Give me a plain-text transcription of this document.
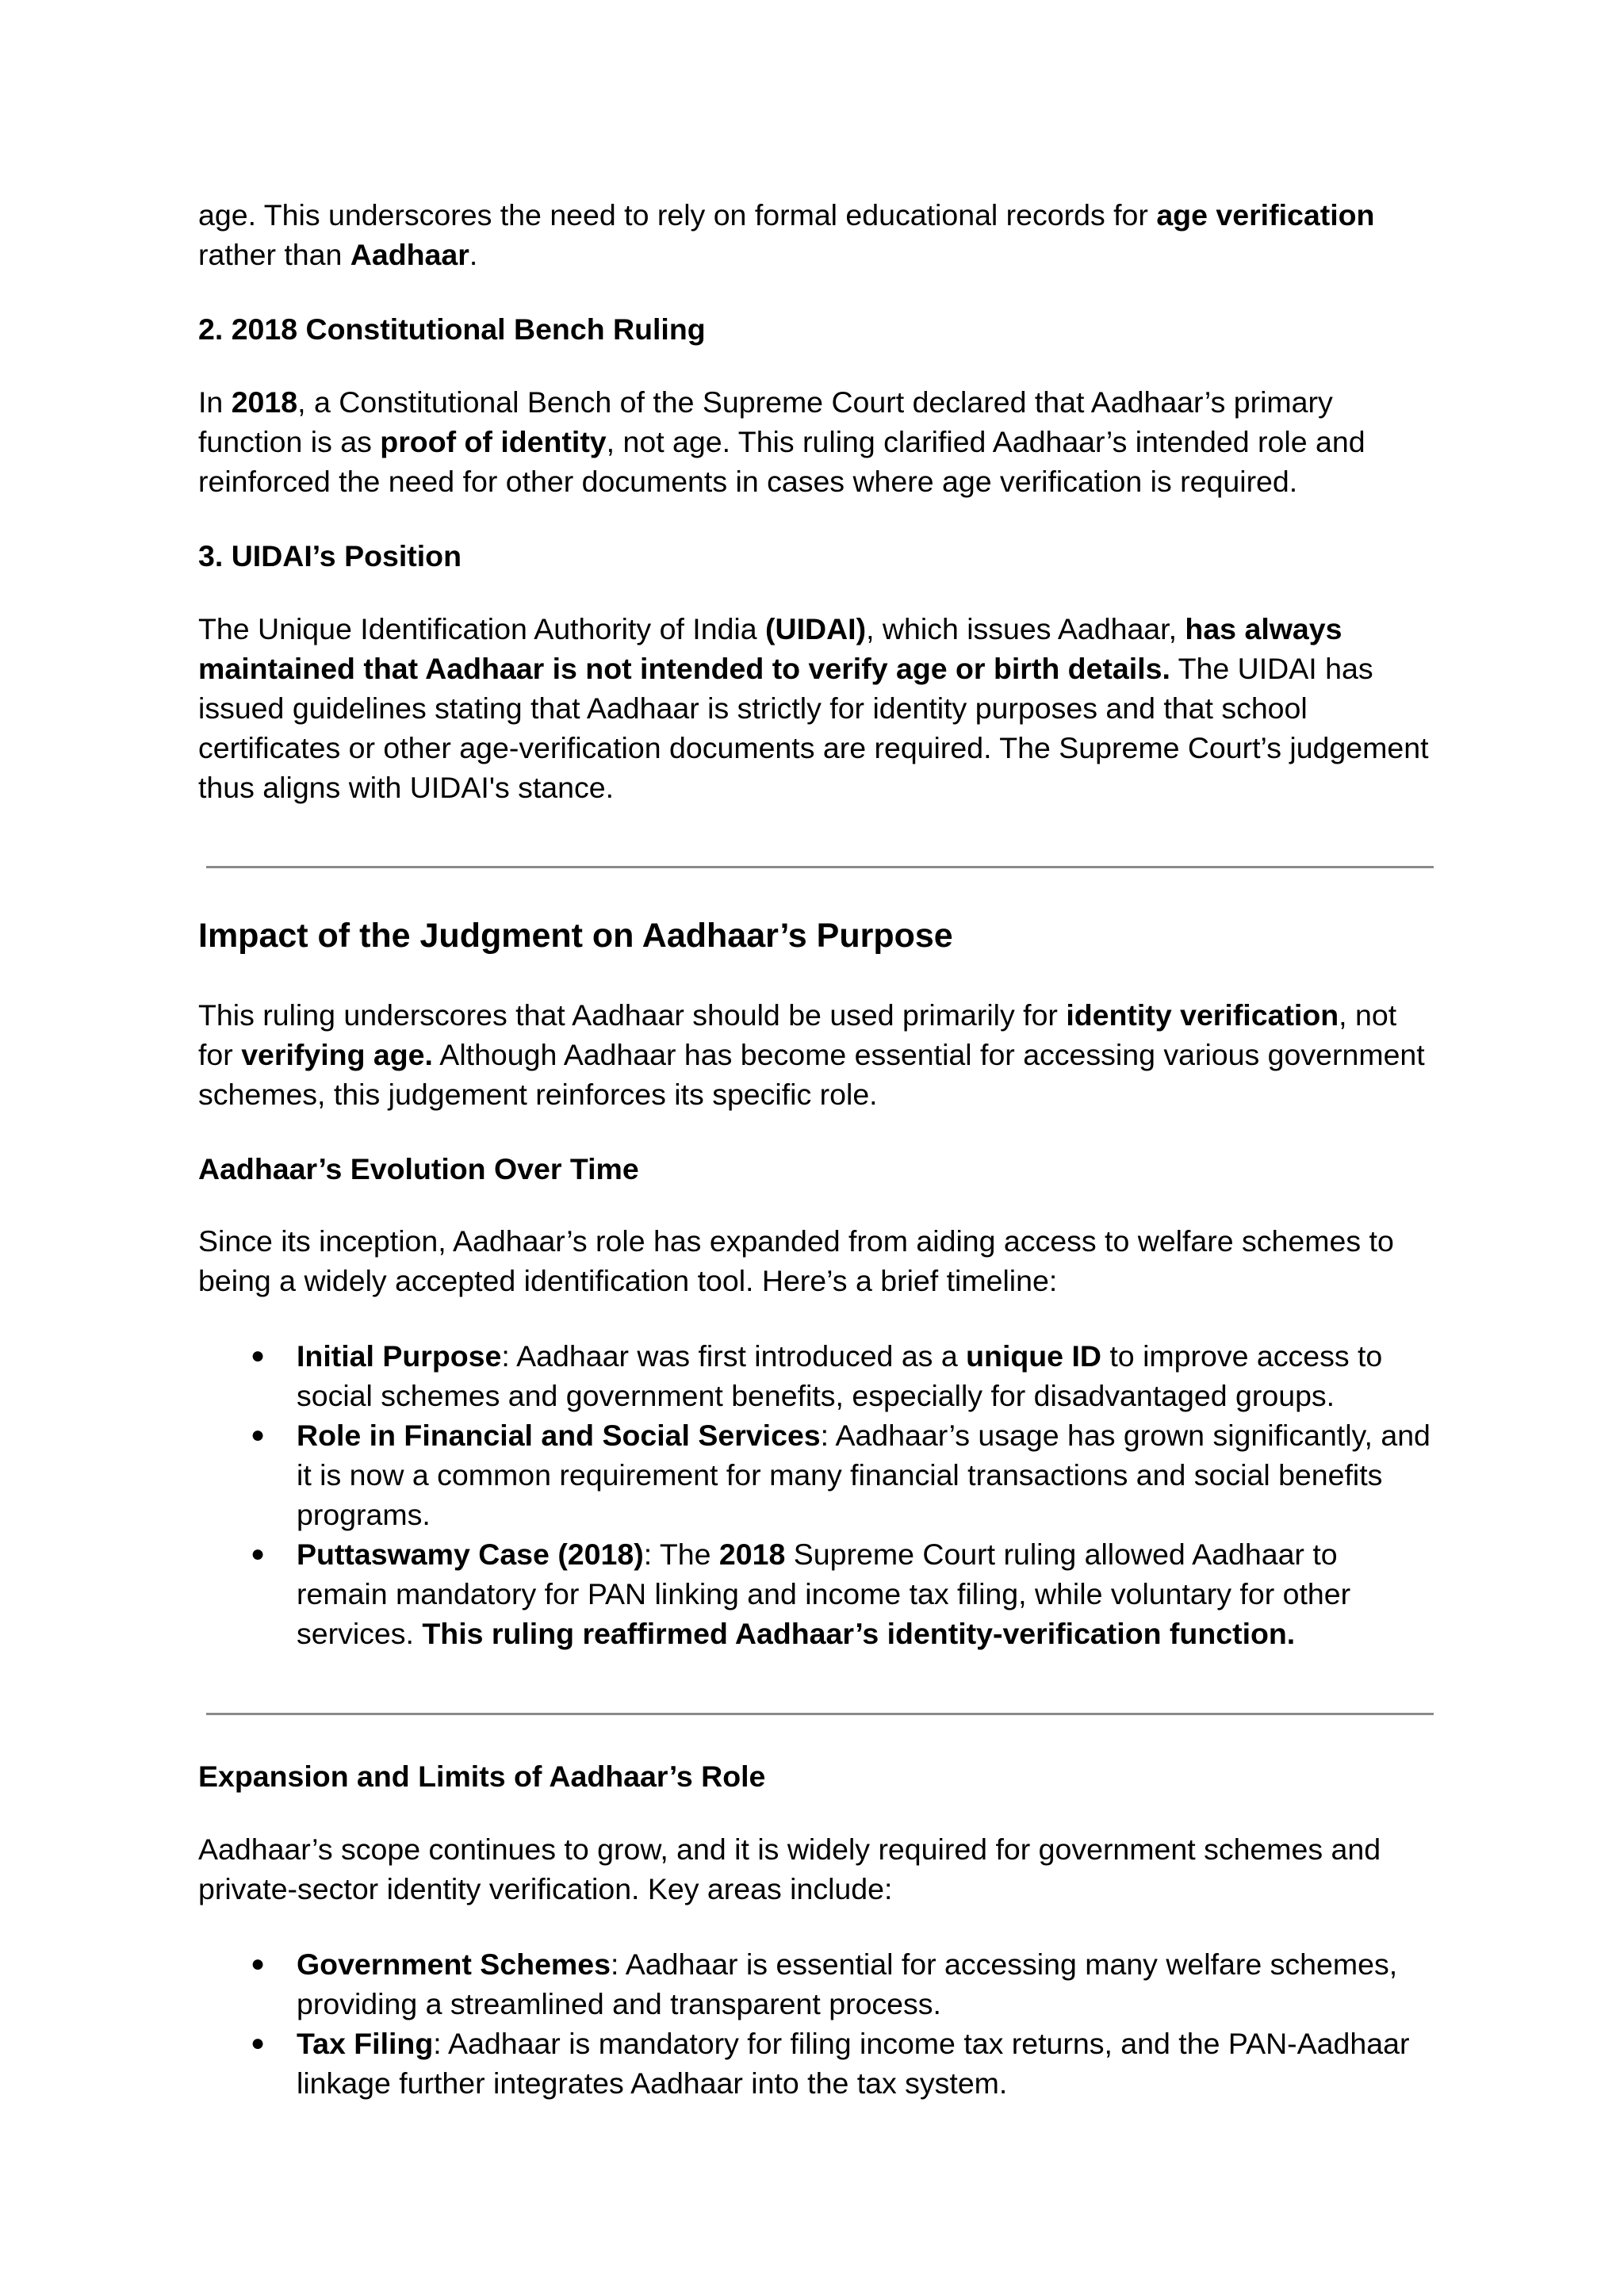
age. This underscores the need to rely on formal educational records for age verification rather than Aadhaar.

2. 2018 Constitutional Bench Ruling

In 2018, a Constitutional Bench of the Supreme Court declared that Aadhaar’s primary function is as proof of identity, not age. This ruling clarified Aadhaar’s intended role and reinforced the need for other documents in cases where age verification is required.

3. UIDAI’s Position

The Unique Identification Authority of India (UIDAI), which issues Aadhaar, has always maintained that Aadhaar is not intended to verify age or birth details. The UIDAI has issued guidelines stating that Aadhaar is strictly for identity purposes and that school certificates or other age-verification documents are required. The Supreme Court’s judgement thus aligns with UIDAI's stance.

Impact of the Judgment on Aadhaar’s Purpose

This ruling underscores that Aadhaar should be used primarily for identity verification, not for verifying age. Although Aadhaar has become essential for accessing various government schemes, this judgement reinforces its specific role.

Aadhaar’s Evolution Over Time

Since its inception, Aadhaar’s role has expanded from aiding access to welfare schemes to being a widely accepted identification tool. Here’s a brief timeline:

● Initial Purpose: Aadhaar was first introduced as a unique ID to improve access to social schemes and government benefits, especially for disadvantaged groups.
● Role in Financial and Social Services: Aadhaar’s usage has grown significantly, and it is now a common requirement for many financial transactions and social benefits programs.
● Puttaswamy Case (2018): The 2018 Supreme Court ruling allowed Aadhaar to remain mandatory for PAN linking and income tax filing, while voluntary for other services. This ruling reaffirmed Aadhaar’s identity-verification function.

Expansion and Limits of Aadhaar’s Role

Aadhaar’s scope continues to grow, and it is widely required for government schemes and private-sector identity verification. Key areas include:

● Government Schemes: Aadhaar is essential for accessing many welfare schemes, providing a streamlined and transparent process.
● Tax Filing: Aadhaar is mandatory for filing income tax returns, and the PAN-Aadhaar linkage further integrates Aadhaar into the tax system.
